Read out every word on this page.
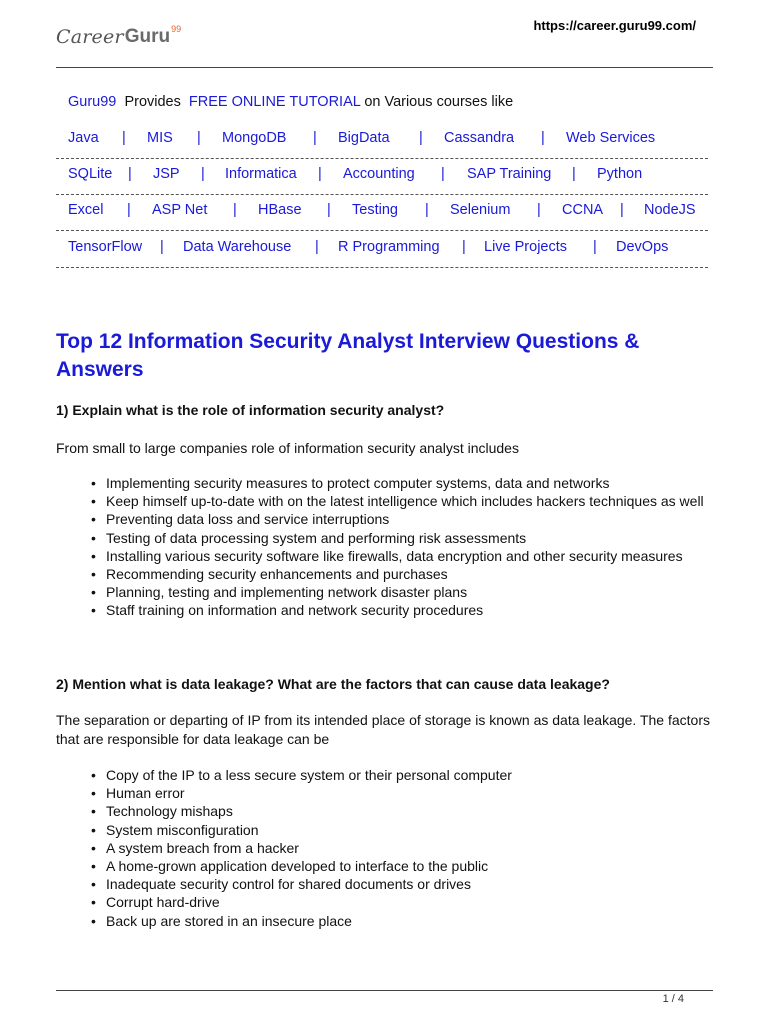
Career Guru 99	https://career.guru99.com/
Guru99 Provides FREE ONLINE TUTORIAL on Various courses like
Java | MIS | MongoDB | BigData | Cassandra | Web Services
SQLite | JSP | Informatica | Accounting | SAP Training | Python
Excel | ASP Net | HBase | Testing | Selenium | CCNA | NodeJS
TensorFlow | Data Warehouse | R Programming | Live Projects | DevOps
Top 12 Information Security Analyst Interview Questions & Answers
1) Explain what is the role of information security analyst?

From small to large companies role of information security analyst includes

• Implementing security measures to protect computer systems, data and networks
• Keep himself up-to-date with on the latest intelligence which includes hackers techniques as well
• Preventing data loss and service interruptions
• Testing of data processing system and performing risk assessments
• Installing various security software like firewalls, data encryption and other security measures
• Recommending security enhancements and purchases
• Planning, testing and implementing network disaster plans
• Staff training on information and network security procedures
2) Mention what is data leakage? What are the factors that can cause data leakage?

The separation or departing of IP from its intended place of storage is known as data leakage. The factors that are responsible for data leakage can be

• Copy of the IP to a less secure system or their personal computer
• Human error
• Technology mishaps
• System misconfiguration
• A system breach from a hacker
• A home-grown application developed to interface to the public
• Inadequate security control for shared documents or drives
• Corrupt hard-drive
• Back up are stored in an insecure place
1 / 4
